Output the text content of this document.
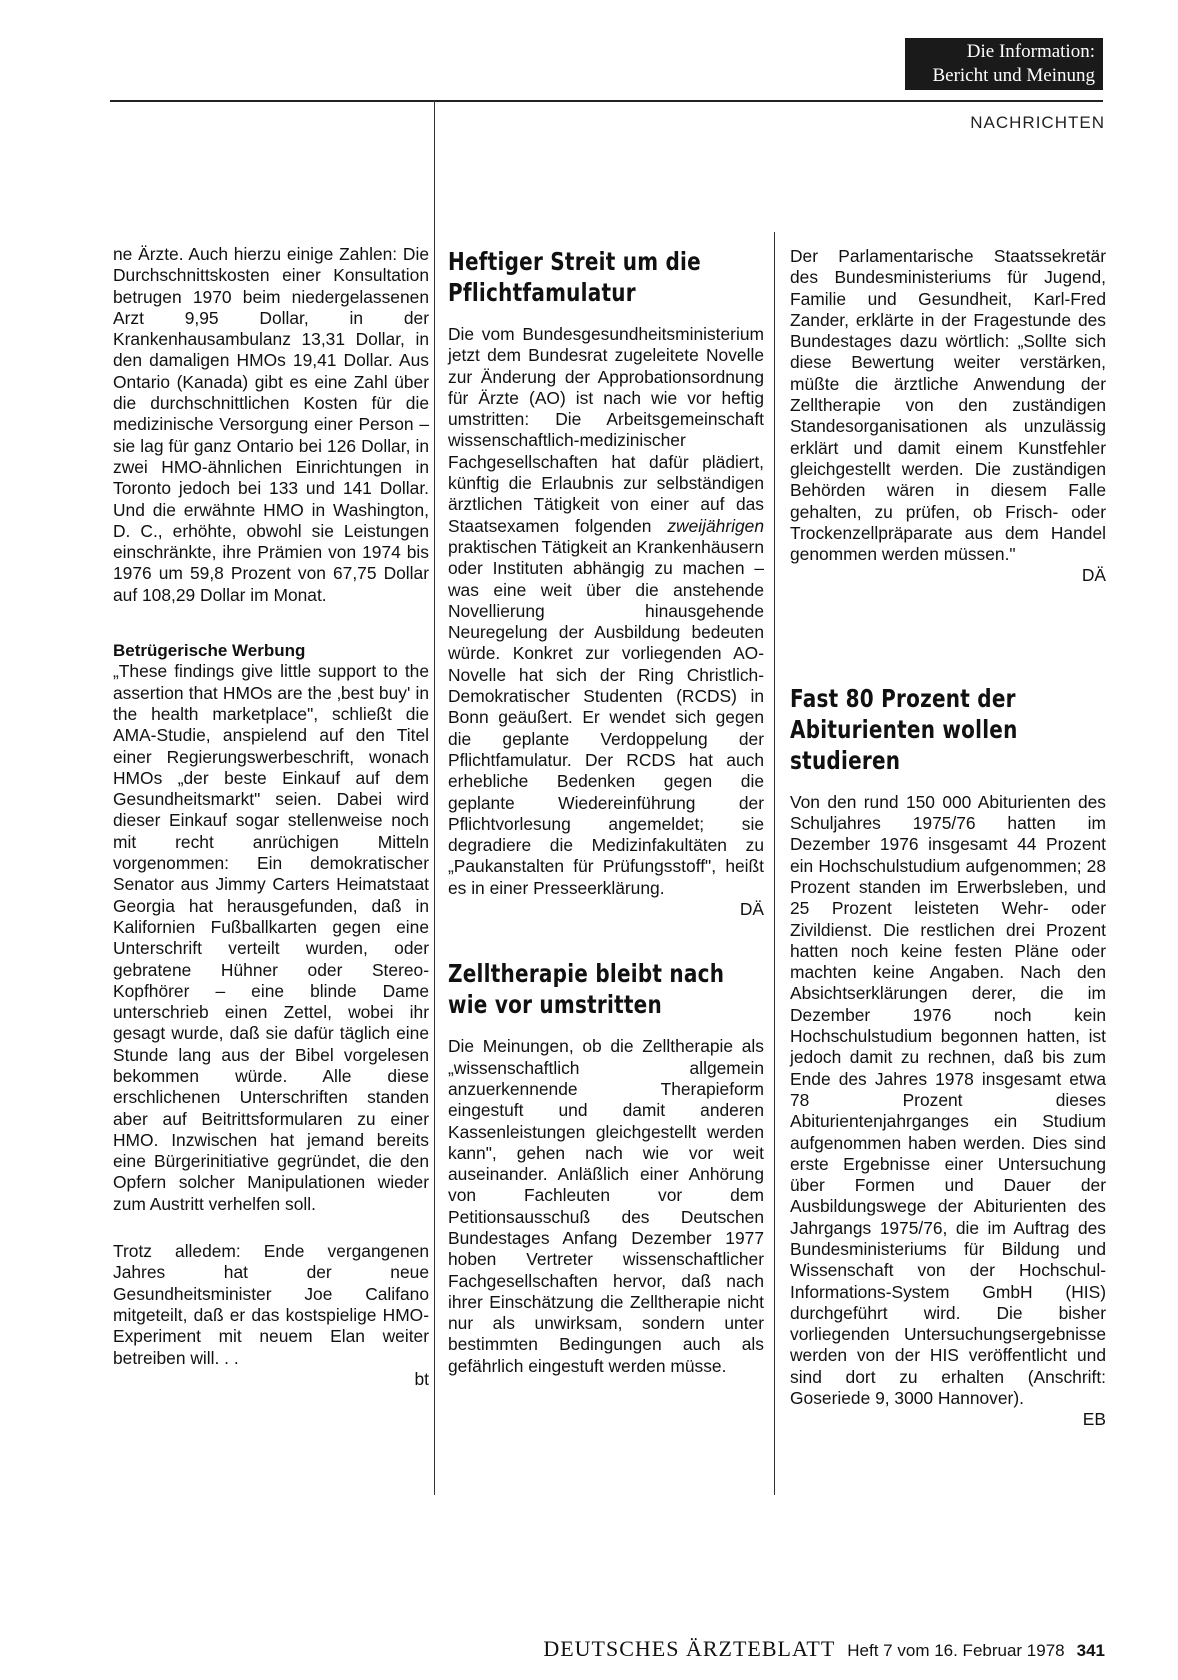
Die Information:
Bericht und Meinung
NACHRICHTEN

ne Ärzte. Auch hierzu einige Zahlen: Die Durchschnittskosten einer Konsultation betrugen 1970 beim niedergelassenen Arzt 9,95 Dollar, in der Krankenhausambulanz 13,31 Dollar, in den damaligen HMOs 19,41 Dollar. Aus Ontario (Kanada) gibt es eine Zahl über die durchschnittlichen Kosten für die medizinische Versorgung einer Person – sie lag für ganz Ontario bei 126 Dollar, in zwei HMO-ähnlichen Einrichtungen in Toronto jedoch bei 133 und 141 Dollar. Und die erwähnte HMO in Washington, D. C., erhöhte, obwohl sie Leistungen einschränkte, ihre Prämien von 1974 bis 1976 um 59,8 Prozent von 67,75 Dollar auf 108,29 Dollar im Monat.

Betrügerische Werbung

„These findings give little support to the assertion that HMOs are the ‚best buy' in the health marketplace", schließt die AMA-Studie, anspielend auf den Titel einer Regierungswerbeschrift, wonach HMOs „der beste Einkauf auf dem Gesundheitsmarkt" seien. Dabei wird dieser Einkauf sogar stellenweise noch mit recht anrüchigen Mitteln vorgenommen: Ein demokratischer Senator aus Jimmy Carters Heimatstaat Georgia hat herausgefunden, daß in Kalifornien Fußballkarten gegen eine Unterschrift verteilt wurden, oder gebratene Hühner oder Stereo-Kopfhörer – eine blinde Dame unterschrieb einen Zettel, wobei ihr gesagt wurde, daß sie dafür täglich eine Stunde lang aus der Bibel vorgelesen bekommen würde. Alle diese erschlichenen Unterschriften standen aber auf Beitrittsformularen zu einer HMO. Inzwischen hat jemand bereits eine Bürgerinitiative gegründet, die den Opfern solcher Manipulationen wieder zum Austritt verhelfen soll.

Trotz alledem: Ende vergangenen Jahres hat der neue Gesundheitsminister Joe Califano mitgeteilt, daß er das kostspielige HMO-Experiment mit neuem Elan weiter betreiben will. . .
bt

Heftiger Streit um die Pflichtfamulatur

Die vom Bundesgesundheitsministerium jetzt dem Bundesrat zugeleitete Novelle zur Änderung der Approbationsordnung für Ärzte (AO) ist nach wie vor heftig umstritten: Die Arbeitsgemeinschaft wissenschaftlich-medizinischer Fachgesellschaften hat dafür plädiert, künftig die Erlaubnis zur selbständigen ärztlichen Tätigkeit von einer auf das Staatsexamen folgenden zweijährigen praktischen Tätigkeit an Krankenhäusern oder Instituten abhängig zu machen – was eine weit über die anstehende Novellierung hinausgehende Neuregelung der Ausbildung bedeuten würde. Konkret zur vorliegenden AO-Novelle hat sich der Ring Christlich-Demokratischer Studenten (RCDS) in Bonn geäußert. Er wendet sich gegen die geplante Verdoppelung der Pflichtfamulatur. Der RCDS hat auch erhebliche Bedenken gegen die geplante Wiedereinführung der Pflichtvorlesung angemeldet; sie degradiere die Medizinfakultäten zu „Paukanstalten für Prüfungsstoff", heißt es in einer Presseerklärung.
DÄ

Zelltherapie bleibt nach wie vor umstritten

Die Meinungen, ob die Zelltherapie als „wissenschaftlich allgemein anzuerkennende Therapieform eingestuft und damit anderen Kassenleistungen gleichgestellt werden kann", gehen nach wie vor weit auseinander. Anläßlich einer Anhörung von Fachleuten vor dem Petitionsausschuß des Deutschen Bundestages Anfang Dezember 1977 hoben Vertreter wissenschaftlicher Fachgesellschaften hervor, daß nach ihrer Einschätzung die Zelltherapie nicht nur als unwirksam, sondern unter bestimmten Bedingungen auch als gefährlich eingestuft werden müsse.

Der Parlamentarische Staatssekretär des Bundesministeriums für Jugend, Familie und Gesundheit, Karl-Fred Zander, erklärte in der Fragestunde des Bundestages dazu wörtlich: „Sollte sich diese Bewertung weiter verstärken, müßte die ärztliche Anwendung der Zelltherapie von den zuständigen Standesorganisationen als unzulässig erklärt und damit einem Kunstfehler gleichgestellt werden. Die zuständigen Behörden wären in diesem Falle gehalten, zu prüfen, ob Frisch- oder Trockenzellpräparate aus dem Handel genommen werden müssen."
DÄ

Fast 80 Prozent der Abiturienten wollen studieren

Von den rund 150 000 Abiturienten des Schuljahres 1975/76 hatten im Dezember 1976 insgesamt 44 Prozent ein Hochschulstudium aufgenommen; 28 Prozent standen im Erwerbsleben, und 25 Prozent leisteten Wehr- oder Zivildienst. Die restlichen drei Prozent hatten noch keine festen Pläne oder machten keine Angaben. Nach den Absichtserklärungen derer, die im Dezember 1976 noch kein Hochschulstudium begonnen hatten, ist jedoch damit zu rechnen, daß bis zum Ende des Jahres 1978 insgesamt etwa 78 Prozent dieses Abiturientenjahrganges ein Studium aufgenommen haben werden. Dies sind erste Ergebnisse einer Untersuchung über Formen und Dauer der Ausbildungswege der Abiturienten des Jahrgangs 1975/76, die im Auftrag des Bundesministeriums für Bildung und Wissenschaft von der Hochschul-Informations-System GmbH (HIS) durchgeführt wird. Die bisher vorliegenden Untersuchungsergebnisse werden von der HIS veröffentlicht und sind dort zu erhalten (Anschrift: Goseriede 9, 3000 Hannover).
EB

DEUTSCHES ÄRZTEBLATT Heft 7 vom 16. Februar 1978 341
